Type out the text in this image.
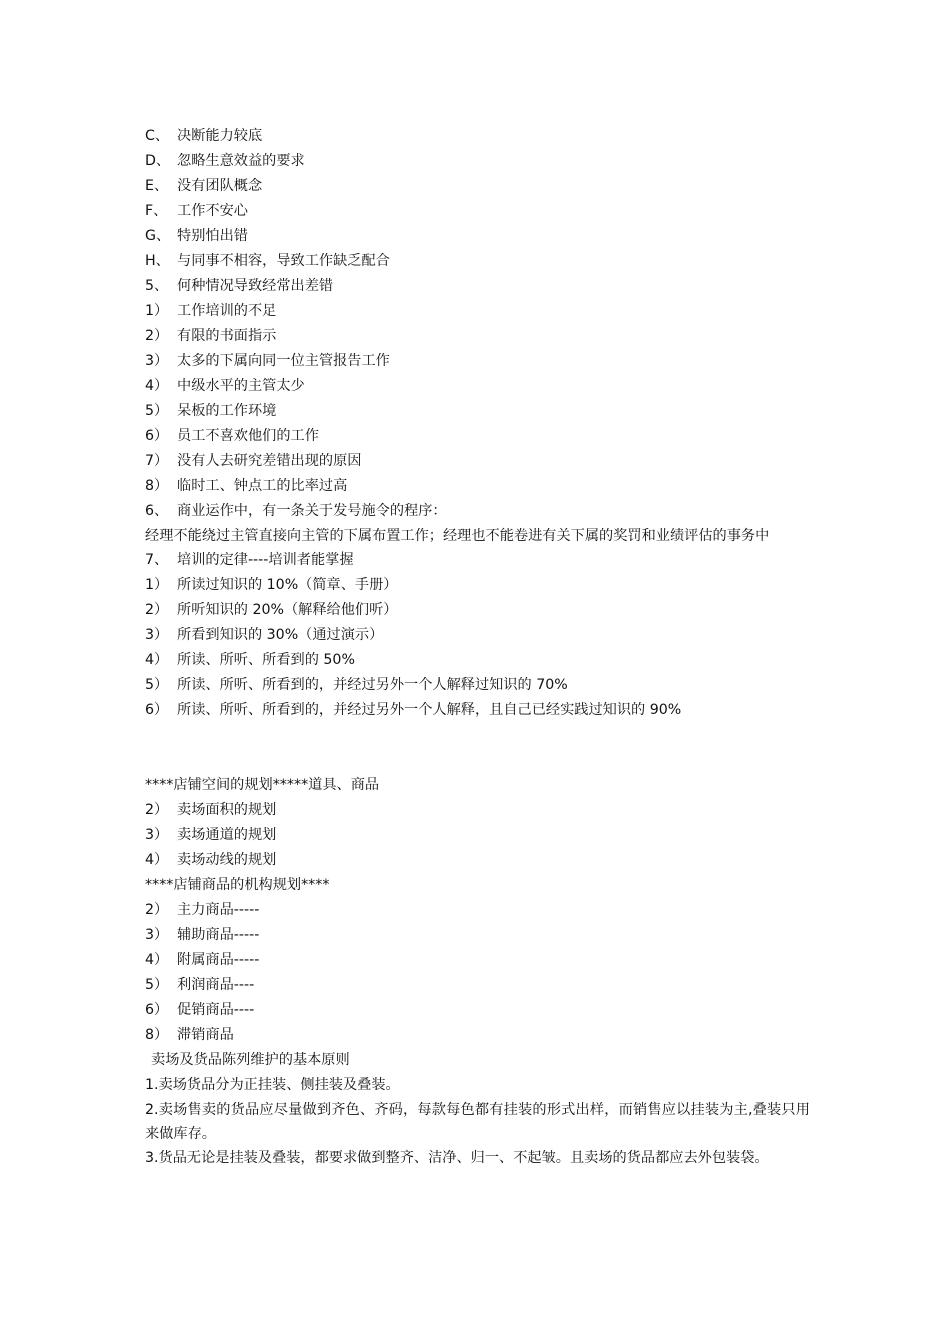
C、 决断能力较底
D、 忽略生意效益的要求
E、 没有团队概念
F、 工作不安心
G、 特别怕出错
H、 与同事不相容，导致工作缺乏配合
5、 何种情况导致经常出差错
1） 工作培训的不足
2） 有限的书面指示
3） 太多的下属向同一位主管报告工作
4） 中级水平的主管太少
5） 呆板的工作环境
6） 员工不喜欢他们的工作
7） 没有人去研究差错出现的原因
8） 临时工、钟点工的比率过高
6、 商业运作中，有一条关于发号施令的程序：
经理不能绕过主管直接向主管的下属布置工作；经理也不能卷进有关下属的奖罚和业绩评估的事务中
7、 培训的定律----培训者能掌握
1） 所读过知识的 10%（简章、手册）
2） 所听知识的 20%（解释给他们听）
3） 所看到知识的 30%（通过演示）
4） 所读、所听、所看到的 50%
5） 所读、所听、所看到的，并经过另外一个人解释过知识的 70%
6） 所读、所听、所看到的，并经过另外一个人解释，且自己已经实践过知识的 90%
****店铺空间的规划*****道具、商品
2） 卖场面积的规划
3） 卖场通道的规划
4） 卖场动线的规划
****店铺商品的机构规划****
2） 主力商品-----
3） 辅助商品-----
4） 附属商品-----
5） 利润商品----
6） 促销商品----
8） 滞销商品
卖场及货品陈列维护的基本原则
1.卖场货品分为正挂装、侧挂装及叠装。
2.卖场售卖的货品应尽量做到齐色、齐码，每款每色都有挂装的形式出样，而销售应以挂装为主,叠装只用来做库存。
3.货品无论是挂装及叠装，都要求做到整齐、洁净、归一、不起皱。且卖场的货品都应去外包装袋。
